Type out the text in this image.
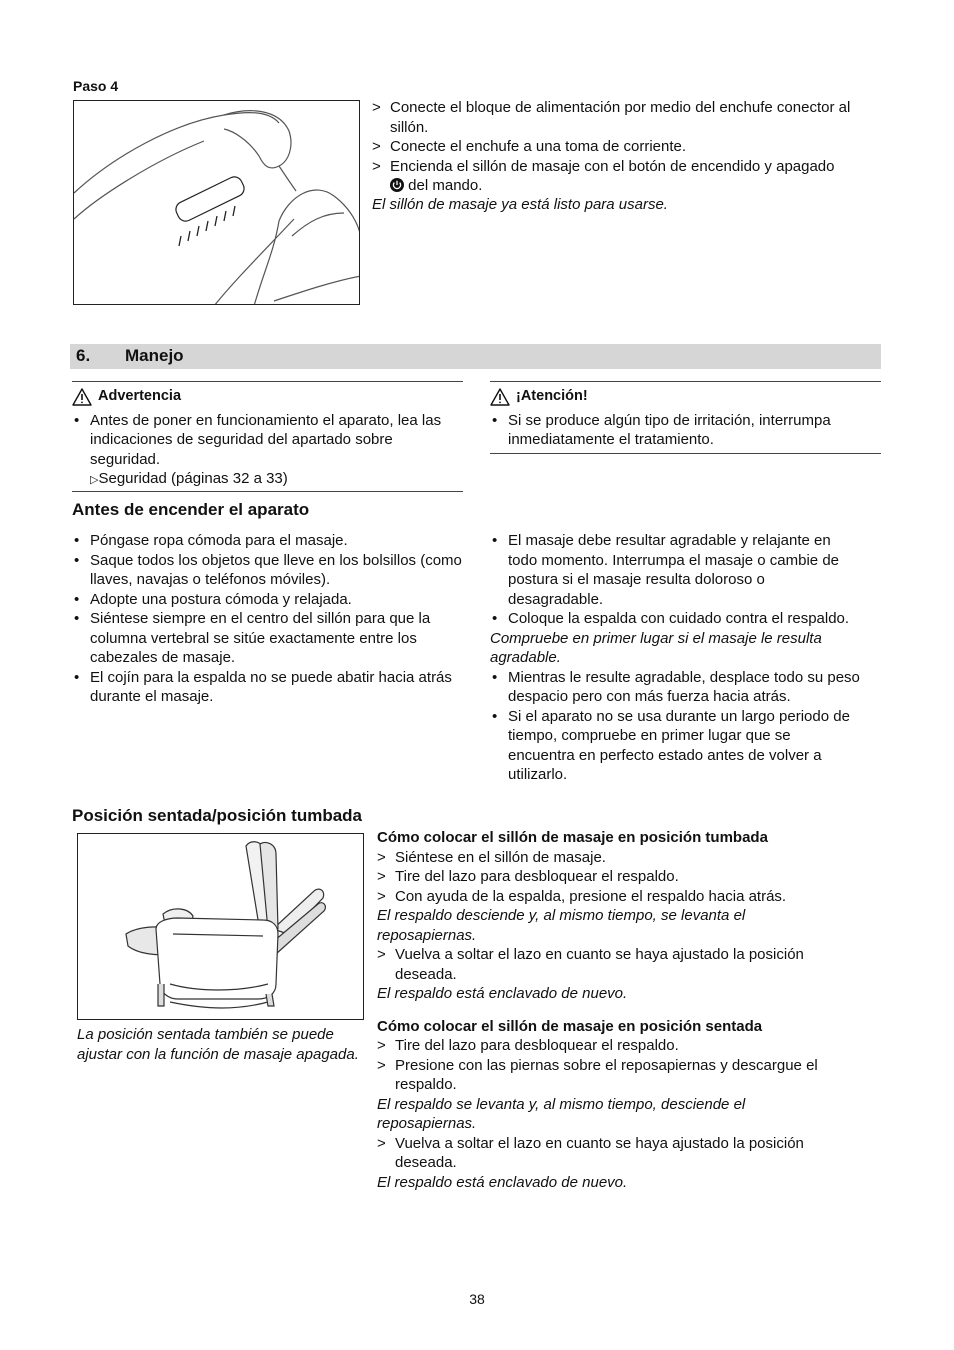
Paso 4
> Conecte el bloque de alimentación por medio del enchufe conector al sillón.
> Conecte el enchufe a una toma de corriente.
> Encienda el sillón de masaje con el botón de encendido y apagado

del mando.
El sillón de masaje ya está listo para usarse.
6. Manejo
Advertencia
• Antes de poner en funcionamiento el aparato, lea las indicaciones de seguridad del apartado sobre seguridad.
▷Seguridad (páginas 32 a 33)
¡Atención!
• Si se produce algún tipo de irritación, interrumpa inmediatamente el tratamiento.
Antes de encender el aparato
• Póngase ropa cómoda para el masaje.
• Saque todos los objetos que lleve en los bolsillos (como llaves, navajas o teléfonos móviles).
• Adopte una postura cómoda y relajada.
• Siéntese siempre en el centro del sillón para que la columna vertebral se sitúe exactamente entre los cabezales de masaje.
• El cojín para la espalda no se puede abatir hacia atrás durante el masaje.
• El masaje debe resultar agradable y relajante en todo momento. Interrumpa el masaje o cambie de postura si el masaje resulta doloroso o desagradable.
• Coloque la espalda con cuidado contra el respaldo.
Compruebe en primer lugar si el masaje le resulta agradable.
• Mientras le resulte agradable, desplace todo su peso despacio pero con más fuerza hacia atrás.
• Si el aparato no se usa durante un largo periodo de tiempo, compruebe en primer lugar que se encuentra en perfecto estado antes de volver a utilizarlo.
Posición sentada/posición tumbada
La posición sentada también se puede ajustar con la función de masaje apagada.
Cómo colocar el sillón de masaje en posición tumbada
> Siéntese en el sillón de masaje.
> Tire del lazo para desbloquear el respaldo.
> Con ayuda de la espalda, presione el respaldo hacia atrás.
El respaldo desciende y, al mismo tiempo, se levanta el reposapiernas.
> Vuelva a soltar el lazo en cuanto se haya ajustado la posición deseada.
El respaldo está enclavado de nuevo.
Cómo colocar el sillón de masaje en posición sentada
> Tire del lazo para desbloquear el respaldo.
> Presione con las piernas sobre el reposapiernas y descargue el respaldo.
El respaldo se levanta y, al mismo tiempo, desciende el reposapiernas.
> Vuelva a soltar el lazo en cuanto se haya ajustado la posición deseada.
El respaldo está enclavado de nuevo.
38
